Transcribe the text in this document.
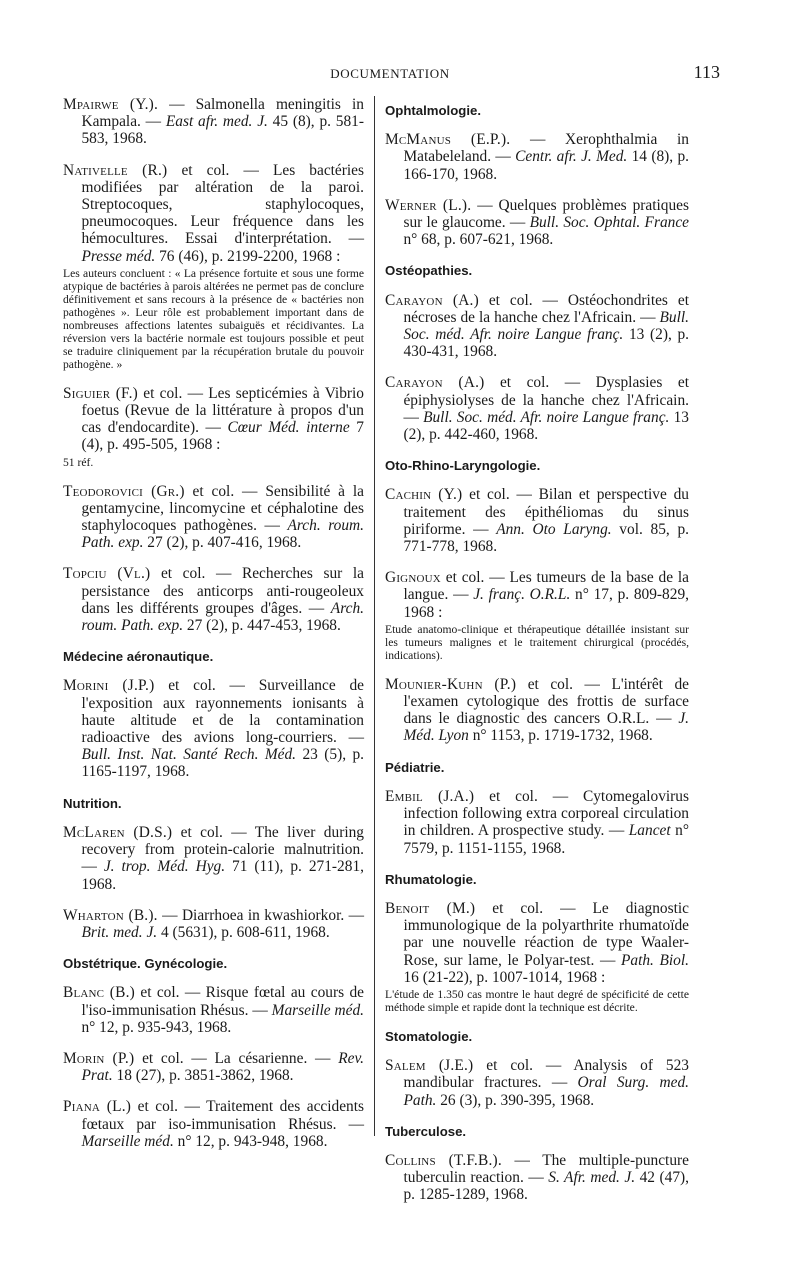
DOCUMENTATION	113
Mpairwe (Y.). — Salmonella meningitis in Kampala. — East afr. med. J. 45 (8), p. 581-583, 1968.
Nativelle (R.) et col. — Les bactéries modifiées par altération de la paroi. Streptocoques, staphylocoques, pneumocoques. Leur fréquence dans les hémocultures. Essai d'interprétation. — Presse méd. 76 (46), p. 2199-2200, 1968 :
Les auteurs concluent : « La présence fortuite et sous une forme atypique de bactéries à parois altérées ne permet pas de conclure définitivement et sans recours à la présence de « bactéries non pathogènes ». Leur rôle est probablement important dans de nombreuses affections latentes subaiguës et récidivantes. La réversion vers la bactérie normale est toujours possible et peut se traduire cliniquement par la récupération brutale du pouvoir pathogène. »
Siguier (F.) et col. — Les septicémies à Vibrio foetus (Revue de la littérature à propos d'un cas d'endocardite). — Cœur Méd. interne 7 (4), p. 495-505, 1968 :
51 réf.
Teodorovici (Gr.) et col. — Sensibilité à la gentamycine, lincomycine et céphalotine des staphylocoques pathogènes. — Arch. roum. Path. exp. 27 (2), p. 407-416, 1968.
Topciu (Vl.) et col. — Recherches sur la persistance des anticorps anti-rougeoleux dans les différents groupes d'âges. — Arch. roum. Path. exp. 27 (2), p. 447-453, 1968.
Médecine aéronautique.
Morini (J.P.) et col. — Surveillance de l'exposition aux rayonnements ionisants à haute altitude et de la contamination radioactive des avions long-courriers. — Bull. Inst. Nat. Santé Rech. Méd. 23 (5), p. 1165-1197, 1968.
Nutrition.
McLaren (D.S.) et col. — The liver during recovery from protein-calorie malnutrition. — J. trop. Méd. Hyg. 71 (11), p. 271-281, 1968.
Wharton (B.). — Diarrhoea in kwashiorkor. — Brit. med. J. 4 (5631), p. 608-611, 1968.
Obstétrique. Gynécologie.
Blanc (B.) et col. — Risque fœtal au cours de l'iso-immunisation Rhésus. — Marseille méd. n° 12, p. 935-943, 1968.
Morin (P.) et col. — La césarienne. — Rev. Prat. 18 (27), p. 3851-3862, 1968.
Piana (L.) et col. — Traitement des accidents fœtaux par iso-immunisation Rhésus. — Marseille méd. n° 12, p. 943-948, 1968.
Ophtalmologie.
McManus (E.P.). — Xerophthalmia in Matabeleland. — Centr. afr. J. Med. 14 (8), p. 166-170, 1968.
Werner (L.). — Quelques problèmes pratiques sur le glaucome. — Bull. Soc. Ophtal. France n° 68, p. 607-621, 1968.
Ostéopathies.
Carayon (A.) et col. — Ostéochondrites et nécroses de la hanche chez l'Africain. — Bull. Soc. méd. Afr. noire Langue franç. 13 (2), p. 430-431, 1968.
Carayon (A.) et col. — Dysplasies et épiphysiolyses de la hanche chez l'Africain. — Bull. Soc. méd. Afr. noire Langue franç. 13 (2), p. 442-460, 1968.
Oto-Rhino-Laryngologie.
Cachin (Y.) et col. — Bilan et perspective du traitement des épithéliomas du sinus piriforme. — Ann. Oto Laryng. vol. 85, p. 771-778, 1968.
Gignoux et col. — Les tumeurs de la base de la langue. — J. franç. O.R.L. n° 17, p. 809-829, 1968 :
Etude anatomo-clinique et thérapeutique détaillée insistant sur les tumeurs malignes et le traitement chirurgical (procédés, indications).
Mounier-Kuhn (P.) et col. — L'intérêt de l'examen cytologique des frottis de surface dans le diagnostic des cancers O.R.L. — J. Méd. Lyon n° 1153, p. 1719-1732, 1968.
Pédiatrie.
Embil (J.A.) et col. — Cytomegalovirus infection following extra corporeal circulation in children. A prospective study. — Lancet n° 7579, p. 1151-1155, 1968.
Rhumatologie.
Benoit (M.) et col. — Le diagnostic immunologique de la polyarthrite rhumatoïde par une nouvelle réaction de type Waaler-Rose, sur lame, le Polyar-test. — Path. Biol. 16 (21-22), p. 1007-1014, 1968 :
L'étude de 1.350 cas montre le haut degré de spécificité de cette méthode simple et rapide dont la technique est décrite.
Stomatologie.
Salem (J.E.) et col. — Analysis of 523 mandibular fractures. — Oral Surg. med. Path. 26 (3), p. 390-395, 1968.
Tuberculose.
Collins (T.F.B.). — The multiple-puncture tuberculin reaction. — S. Afr. med. J. 42 (47), p. 1285-1289, 1968.
